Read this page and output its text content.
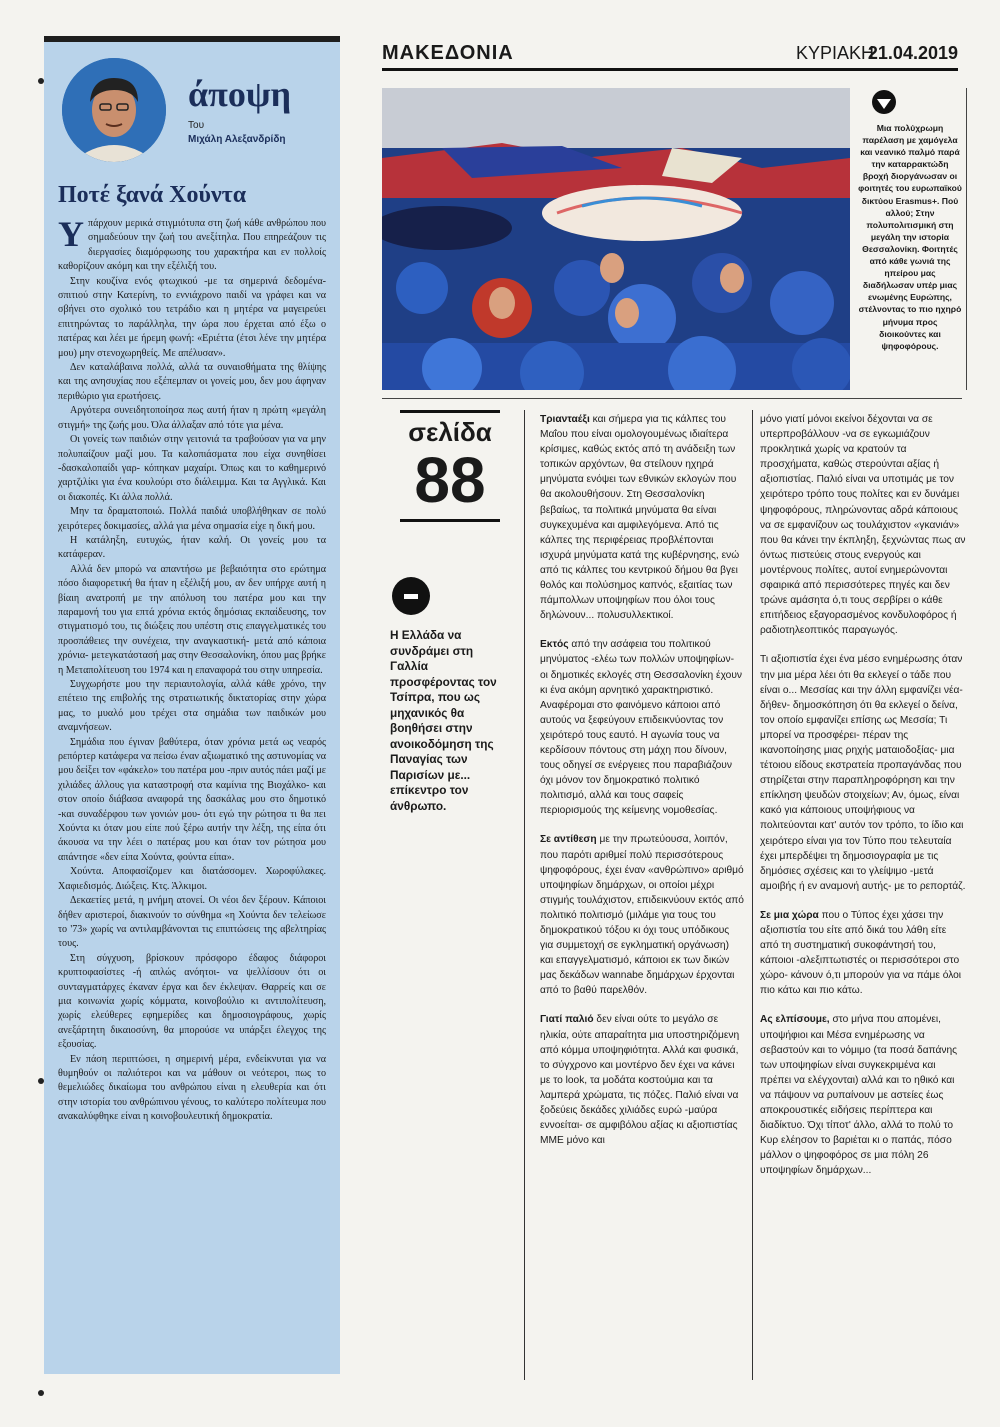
άποψη
Του
Μιχάλη Αλεξανδρίδη
Ποτέ ξανά Χούντα

Υπάρχουν μερικά στιγμιότυπα στη ζωή κάθε ανθρώπου που σημαδεύουν την ζωή του ανεξίτηλα. Που επηρεάζουν τις διεργασίες διαμόρφωσης του χαρακτήρα και εν πολλοίς καθορίζουν ακόμη και την εξέλιξή του.

Στην κουζίνα ενός φτωχικού -με τα σημερινά δεδομένα- σπιτιού στην Κατερίνη, το εννιάχρονο παιδί να γράφει και να σβήνει στο σχολικό του τετράδιο και η μητέρα να μαγειρεύει επιτηρώντας το παράλληλα, την ώρα που έρχεται από έξω ο πατέρας και λέει με ήρεμη φωνή: «Εριέττα (έτσι λένε την μητέρα μου) μην στενοχωρηθείς. Με απέλυσαν».

Δεν καταλάβαινα πολλά, αλλά τα συναισθήματα της θλίψης και της ανησυχίας που εξέπεμπαν οι γονείς μου, δεν μου άφηναν περιθώριο για ερωτήσεις.

Αργότερα συνειδητοποίησα πως αυτή ήταν η πρώτη «μεγάλη στιγμή» της ζωής μου. Όλα άλλαξαν από τότε για μένα.

Οι γονείς των παιδιών στην γειτονιά τα τραβούσαν για να μην πολυπαίζουν μαζί μου. Τα καλοπιάσματα που είχα συνηθίσει -δασκαλοπαίδι γαρ- κόπηκαν μαχαίρι. Όπως και το καθημερινό χαρτζιλίκι για ένα κουλούρι στο διάλειμμα. Και τα Αγγλικά. Και οι διακοπές. Κι άλλα πολλά.

Μην τα δραματοποιώ. Πολλά παιδιά υποβλήθηκαν σε πολύ χειρότερες δοκιμασίες, αλλά για μένα σημασία είχε η δική μου.

Η κατάληξη, ευτυχώς, ήταν καλή. Οι γονείς μου τα κατάφεραν.

Αλλά δεν μπορώ να απαντήσω με βεβαιότητα στο ερώτημα πόσο διαφορετική θα ήταν η εξέλιξή μου, αν δεν υπήρχε αυτή η βίαιη ανατροπή με την απόλυση του πατέρα μου και την παραμονή του για επτά χρόνια εκτός δημόσιας εκπαίδευσης, τον στιγματισμό του, τις διώξεις που υπέστη στις επαγγελματικές του προσπάθειες την συνέχεια, την αναγκαστική- μετά από κάποια χρόνια- μετεγκατάστασή μας στην Θεσσαλονίκη, όπου μας βρήκε η Μεταπολίτευση του 1974 και η επαναφορά του στην υπηρεσία.

Συγχωρήστε μου την περιαυτολογία, αλλά κάθε χρόνο, την επέτειο της επιβολής της στρατιωτικής δικτατορίας στην χώρα μας, το μυαλό μου τρέχει στα σημάδια των παιδικών μου αναμνήσεων.

Σημάδια που έγιναν βαθύτερα, όταν χρόνια μετά ως νεαρός ρεπόρτερ κατάφερα να πείσω έναν αξιωματικό της αστυνομίας να μου δείξει τον «φάκελο» του πατέρα μου -πριν αυτός πάει μαζί με χιλιάδες άλλους για καταστροφή στα καμίνια της Βιοχάλκο- και στον οποίο διάβασα αναφορά της δασκάλας μου στο δημοτικό -και συναδέρφου των γονιών μου- ότι εγώ την ρώτησα τι θα πει Χούντα κι όταν μου είπε πού ξέρω αυτήν την λέξη, της είπα ότι άκουσα να την λέει ο πατέρας μου και όταν τον ρώτησα μου απάντησε «δεν είπα Χούντα, φούντα είπα».

Χούντα. Αποφασίζομεν και διατάσσομεν. Χωροφύλακες. Χαφιεδισμός. Διώξεις. Κτς. Άλκιμοι.

Δεκαετίες μετά, η μνήμη ατονεί. Οι νέοι δεν ξέρουν. Κάποιοι δήθεν αριστεροί, διακινούν το σύνθημα «η Χούντα δεν τελείωσε το '73» χωρίς να αντιλαμβάνονται τις επιπτώσεις της αβελτηρίας τους.

Στη σύγχυση, βρίσκουν πρόσφορο έδαφος διάφοροι κρυπτοφασίστες -ή απλώς ανόητοι- να ψελλίσουν ότι οι συνταγματάρχες έκαναν έργα και δεν έκλεψαν. Θαρρείς και σε μια κοινωνία χωρίς κόμματα, κοινοβούλιο κι αντιπολίτευση, χωρίς ελεύθερες εφημερίδες και δημοσιογράφους, χωρίς ανεξάρτητη δικαιοσύνη, θα μπορούσε να υπάρξει έλεγχος της εξουσίας.

Εν πάση περιπτώσει, η σημερινή μέρα, ενδείκνυται για να θυμηθούν οι παλιότεροι και να μάθουν οι νεότεροι, πως το θεμελιώδες δικαίωμα του ανθρώπου είναι η ελευθερία και ότι στην ιστορία του ανθρώπινου γένους, το καλύτερο πολίτευμα που ανακαλύφθηκε είναι η κοινοβουλευτική δημοκρατία.

ΜΑΚΕΔΟΝΙΑ	ΚΥΡΙΑΚΗ
21.04.2019
Μια πολύχρωμη παρέλαση με χαμόγελα και νεανικό παλμό παρά την καταρρακτώδη βροχή διοργάνωσαν οι φοιτητές του ευρωπαϊκού δικτύου Erasmus+. Πού αλλού; Στην πολυπολιτισμική στη μεγάλη την ιστορία Θεσσαλονίκη. Φοιτητές από κάθε γωνιά της ηπείρου μας διαδήλωσαν υπέρ μιας ενωμένης Ευρώπης, στέλνοντας το πιο ηχηρό μήνυμα προς διοικούντες και ψηφοφόρους.
σελίδα
88
Η Ελλάδα να συνδράμει στη Γαλλία προσφέροντας τον Τσίπρα, που ως μηχανικός θα βοηθήσει στην ανοικοδόμηση της Παναγίας των Παρισίων με... επίκεντρο τον άνθρωπο.

Τριανταέξι και σήμερα για τις κάλπες του Μαΐου που είναι ομολογουμένως ιδιαίτερα κρίσιμες, καθώς εκτός από τη ανάδειξη των τοπικών αρχόντων, θα στείλουν ηχηρά μηνύματα ενόψει των εθνικών εκλογών που θα ακολουθήσουν. Στη Θεσσαλονίκη βεβαίως, τα πολιτικά μηνύματα θα είναι συγκεχυμένα και αμφιλεγόμενα. Από τις κάλπες της περιφέρειας προβλέπονται ισχυρά μηνύματα κατά της κυβέρνησης, ενώ από τις κάλπες του κεντρικού δήμου θα βγει θολός και πολύσημος καπνός, εξαιτίας των πάμπολλων υποψηφίων που όλοι τους δηλώνουν... πολυσυλλεκτικοί.

Εκτός από την ασάφεια του πολιτικού μηνύματος -ελέω των πολλών υποψηφίων- οι δημοτικές εκλογές στη Θεσσαλονίκη έχουν κι ένα ακόμη αρνητικό χαρακτηριστικό. Αναφέρομαι στο φαινόμενο κάποιοι από αυτούς να ξεφεύγουν επιδεικνύοντας τον χειρότερό τους εαυτό. Η αγωνία τους να κερδίσουν πόντους στη μάχη που δίνουν, τους οδηγεί σε ενέργειες που παραβιάζουν όχι μόνον τον δημοκρατικό πολιτικό πολιτισμό, αλλά και τους σαφείς περιορισμούς της κείμενης νομοθεσίας.

Σε αντίθεση με την πρωτεύουσα, λοιπόν, που παρότι αριθμεί πολύ περισσότερους ψηφοφόρους, έχει έναν «ανθρώπινο» αριθμό υποψηφίων δημάρχων, οι οποίοι μέχρι στιγμής τουλάχιστον, επιδεικνύουν εκτός από πολιτικό πολιτισμό (μιλάμε για τους του δημοκρατικού τόξου κι όχι τους υπόδικους για συμμετοχή σε εγκληματική οργάνωση) και επαγγελματισμό, κάποιοι εκ των δικών μας δεκάδων wannabe δημάρχων έρχονται από το βαθύ παρελθόν.

Γιατί παλιό δεν είναι ούτε το μεγάλο σε ηλικία, ούτε απαραίτητα μια υποστηριζόμενη από κόμμα υποψηφιότητα. Αλλά και φυσικά, το σύγχρονο και μοντέρνο δεν έχει να κάνει με το look, τα μοδάτα κοστούμια και τα λαμπερά χρώματα, τις πόζες. Παλιό είναι να ξοδεύεις δεκάδες χιλιάδες ευρώ -μαύρα εννοείται- σε αμφιβόλου αξίας κι αξιοπιστίας ΜΜΕ μόνο και

μόνο γιατί μόνοι εκείνοι δέχονται να σε υπερπροβάλλουν -να σε εγκωμιάζουν προκλητικά χωρίς να κρατούν τα προσχήματα, καθώς στερούνται αξίας ή αξιοπιστίας. Παλιό είναι να υποτιμάς με τον χειρότερο τρόπο τους πολίτες και εν δυνάμει ψηφοφόρους, πληρώνοντας αδρά κάποιους να σε εμφανίζουν ως τουλάχιστον «γκανιάν» που θα κάνει την έκπληξη, ξεχνώντας πως αν όντως πιστεύεις στους ενεργούς και μοντέρνους πολίτες, αυτοί ενημερώνονται σφαιρικά από περισσότερες πηγές και δεν τρώνε αμάσητα ό,τι τους σερβίρει ο κάθε επιτήδειος εξαγορασμένος κονδυλοφόρος ή ραδιοτηλεοπτικός παραγωγός.

Τι αξιοπιστία έχει ένα μέσο ενημέρωσης όταν την μια μέρα λέει ότι θα εκλεγεί ο τάδε που είναι ο... Μεσσίας και την άλλη εμφανίζει νέα- δήθεν- δημοσκόπηση ότι θα εκλεγεί ο δείνα, τον οποίο εμφανίζει επίσης ως Μεσσία; Τι μπορεί να προσφέρει- πέραν της ικανοποίησης μιας ρηχής ματαιοδοξίας- μια τέτοιου είδους εκστρατεία προπαγάνδας που στηρίζεται στην παραπληροφόρηση και την επίκληση ψευδών στοιχείων; Αν, όμως, είναι κακό για κάποιους υποψήφιους να πολιτεύονται κατ' αυτόν τον τρόπο, το ίδιο και χειρότερο είναι για τον Τύπο που τελευταία έχει μπερδέψει τη δημοσιογραφία με τις δημόσιες σχέσεις και το γλείψιμο -μετά αμοιβής ή εν αναμονή αυτής- με το ρεπορτάζ.

Σε μια χώρα που ο Τύπος έχει χάσει την αξιοπιστία του είτε από δικά του λάθη είτε από τη συστηματική συκοφάντησή του, κάποιοι -αλεξιπτωτιστές οι περισσότεροι στο χώρο- κάνουν ό,τι μπορούν για να πάμε όλοι πιο κάτω και πιο κάτω.

Ας ελπίσουμε, στο μήνα που απομένει, υποψήφιοι και Μέσα ενημέρωσης να σεβαστούν και το νόμιμο (τα ποσά δαπάνης των υποψηφίων είναι συγκεκριμένα και πρέπει να ελέγχονται) αλλά και το ηθικό και να πάψουν να ρυπαίνουν με αστείες έως αποκρουστικές ειδήσεις περίπτερα και διαδίκτυο. Όχι τίποτ' άλλο, αλλά το πολύ το Κυρ ελέησον το βαριέται κι ο παπάς, πόσο μάλλον ο ψηφοφόρος σε μια πόλη 26 υποψηφίων δημάρχων...
